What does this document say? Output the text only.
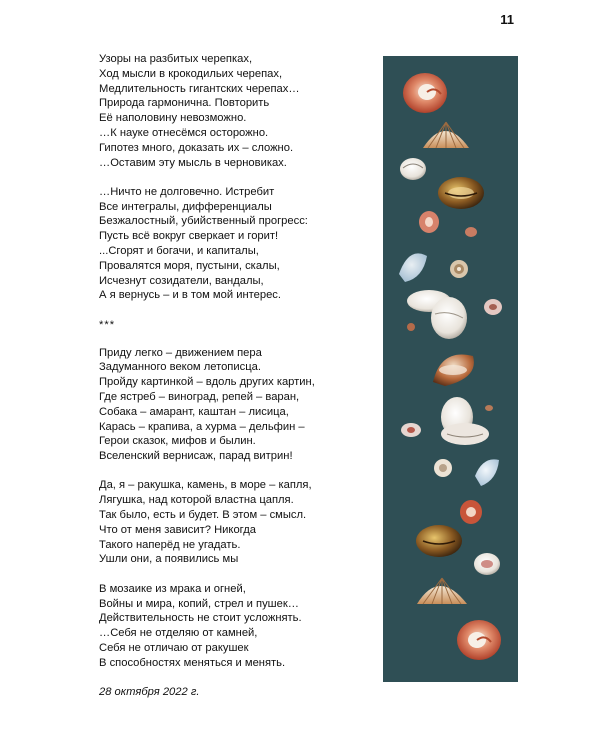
11
Узоры на разбитых черепках,
Ход мысли в крокодильих черепах,
Медлительность гигантских черепах…
Природа гармонична. Повторить
Её наполовину невозможно.
…К науке отнесёмся осторожно.
Гипотез много, доказать их – сложно.
…Оставим эту мысль в черновиках.
…Ничто не долговечно. Истребит
Все интегралы, дифференциалы
Безжалостный, убийственный прогресс:
Пусть всё вокруг сверкает и горит!
...Сгорят и богачи, и капиталы,
Провалятся моря, пустыни, скалы,
Исчезнут созидатели, вандалы,
А я вернусь – и в том мой интерес.
***
Приду легко – движением пера
Задуманного веком летописца.
Пройду картинкой – вдоль других картин,
Где ястреб – виноград, репей – варан,
Собака – амарант, каштан – лисица,
Карась – крапива, а хурма – дельфин –
Герои сказок, мифов и былин.
Вселенский вернисаж, парад витрин!
Да, я – ракушка, камень, в море – капля,
Лягушка, над которой властна цапля.
Так было, есть и будет. В этом – смысл.
Что от меня зависит? Никогда
Такого наперёд не угадать.
Ушли они, а появились мы
В мозаике из мрака и огней,
Войны и мира, копий, стрел и пушек…
Действительность не стоит усложнять.
…Себя не отделяю от камней,
Себя не отличаю от ракушек
В способностях меняться и менять.
28 октября 2022 г.
